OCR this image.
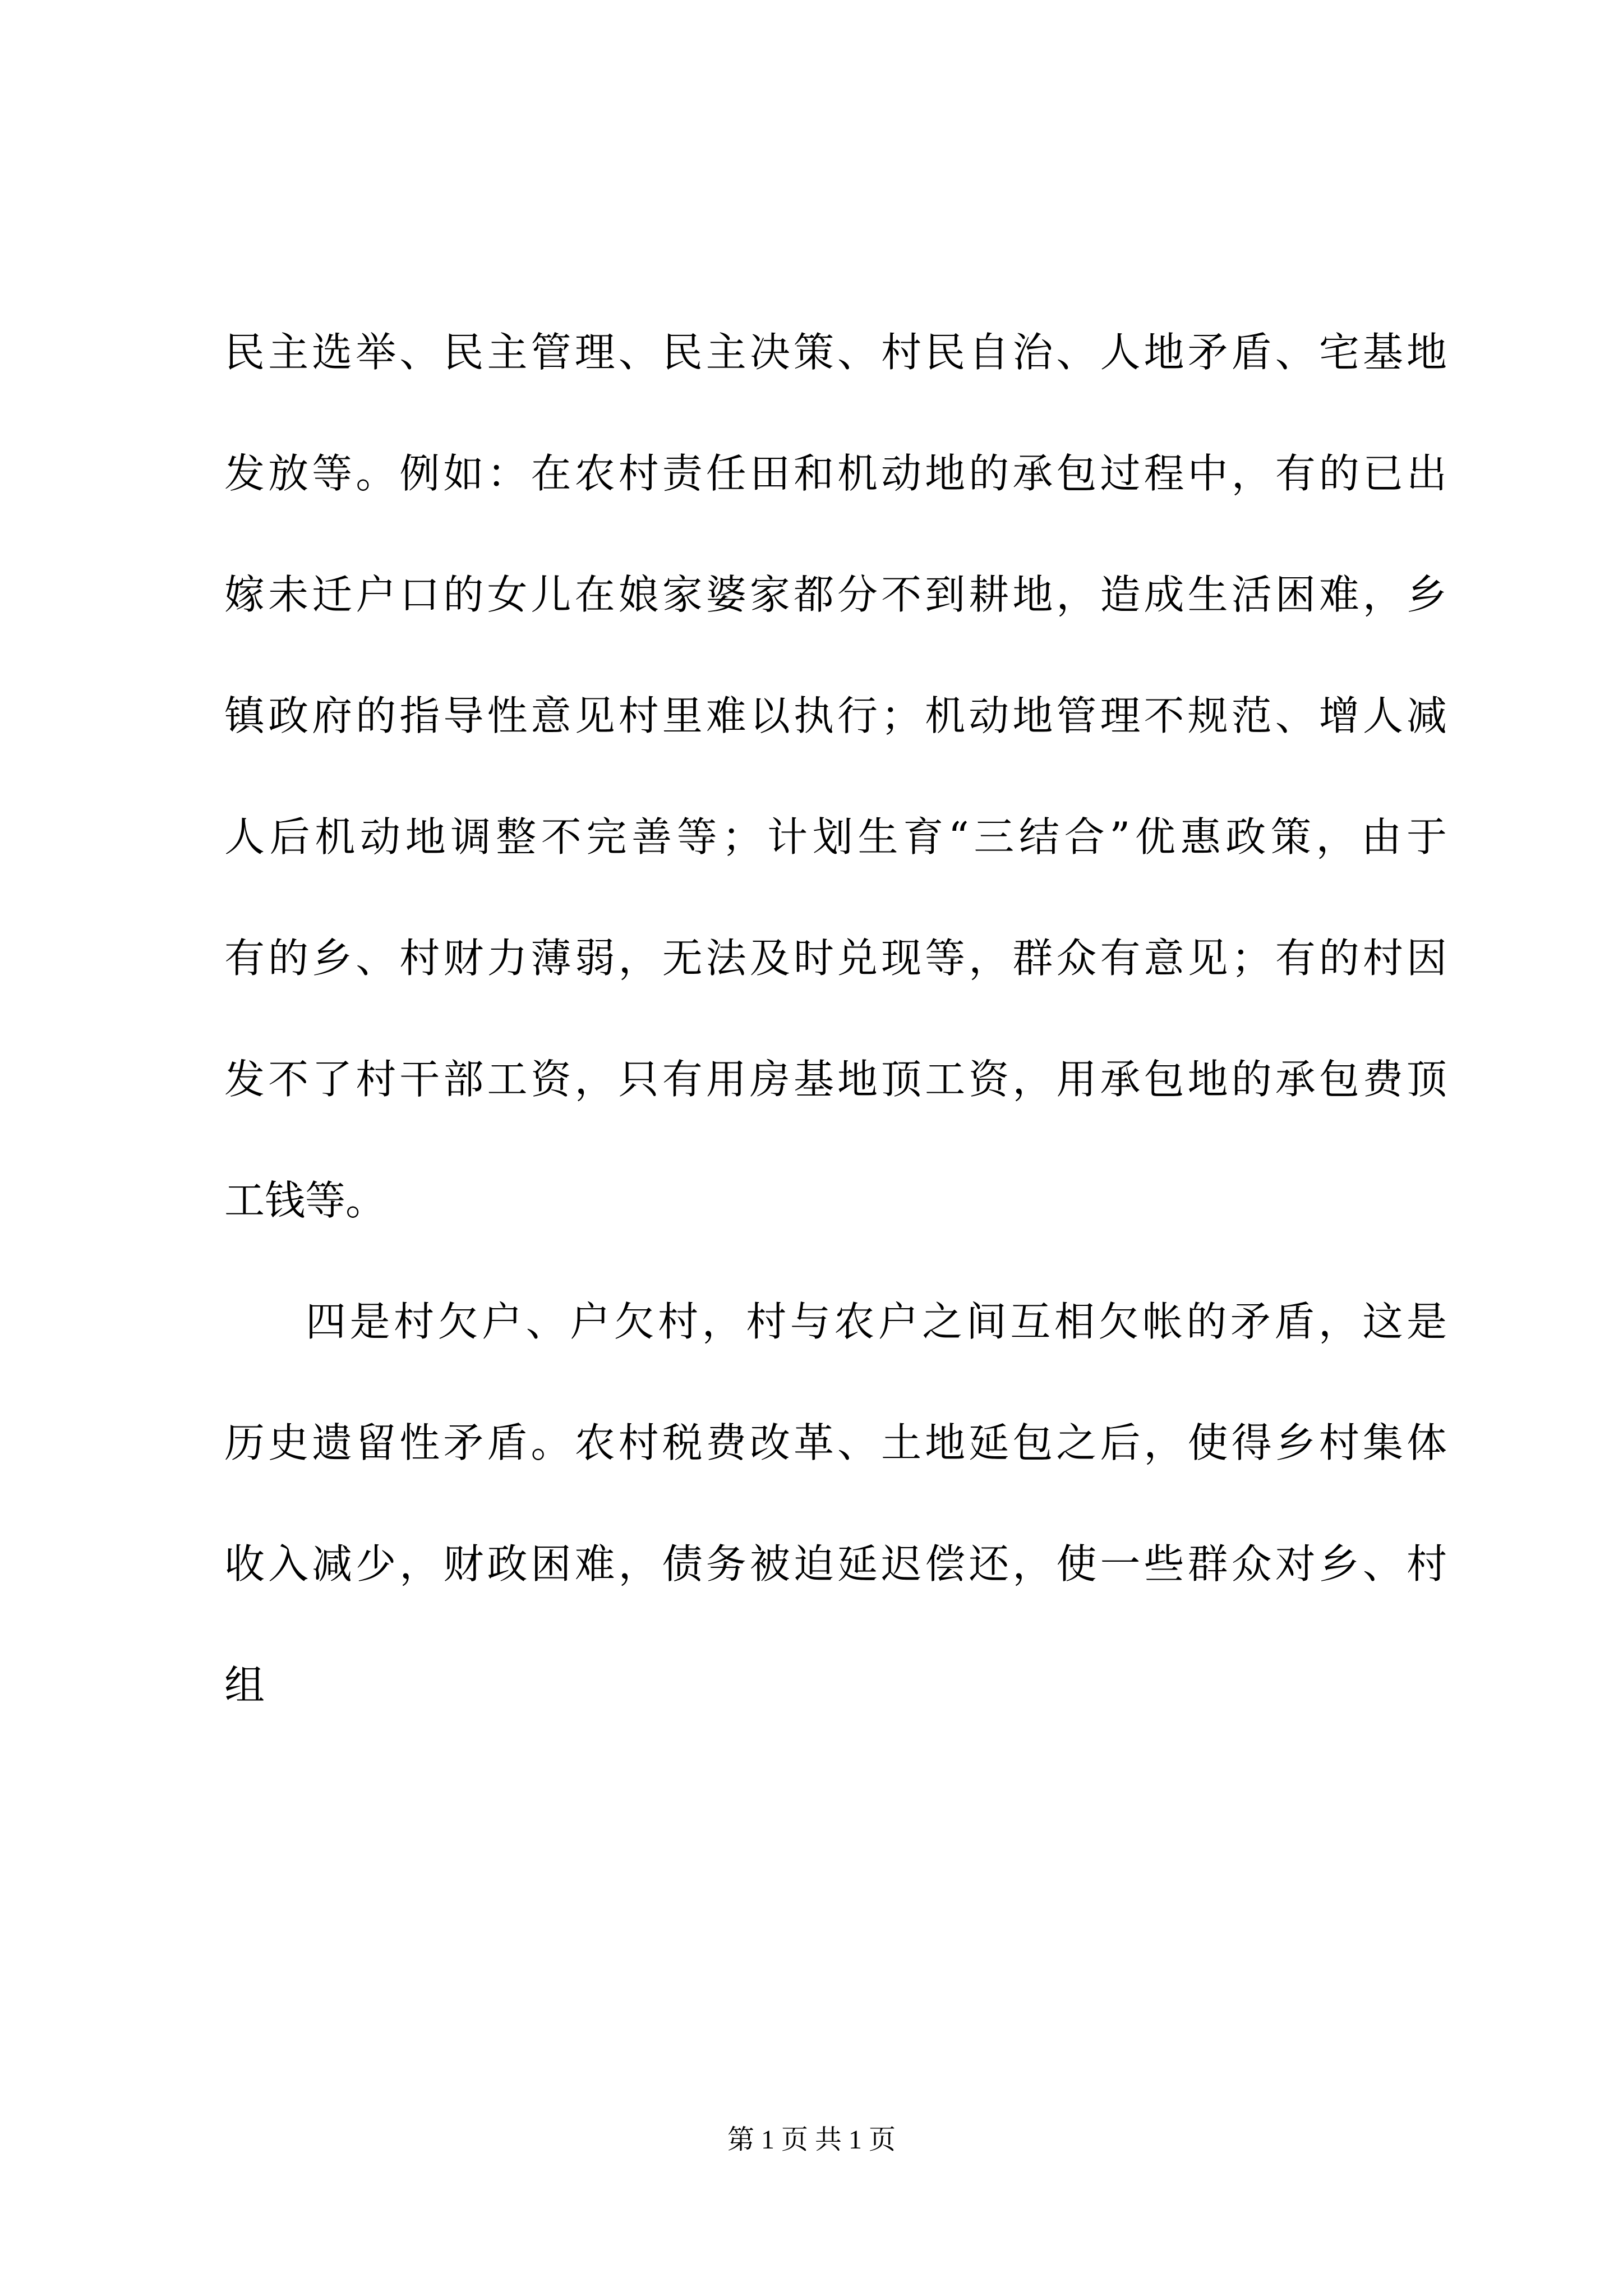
民主选举、民主管理、民主决策、村民自治、人地矛盾、宅基地
发放等。例如：在农村责任田和机动地的承包过程中，有的已出
嫁未迁户口的女儿在娘家婆家都分不到耕地，造成生活困难，乡
镇政府的指导性意见村里难以执行；机动地管理不规范、增人减
人后机动地调整不完善等；计划生育“三结合”优惠政策，由于
有的乡、村财力薄弱，无法及时兑现等，群众有意见；有的村因
发不了村干部工资，只有用房基地顶工资，用承包地的承包费顶
工钱等。
四是村欠户、户欠村，村与农户之间互相欠帐的矛盾，这是
历史遗留性矛盾。农村税费改革、土地延包之后，使得乡村集体
收入减少，财政困难，债务被迫延迟偿还，使一些群众对乡、村
组
第 1 页 共 1 页
